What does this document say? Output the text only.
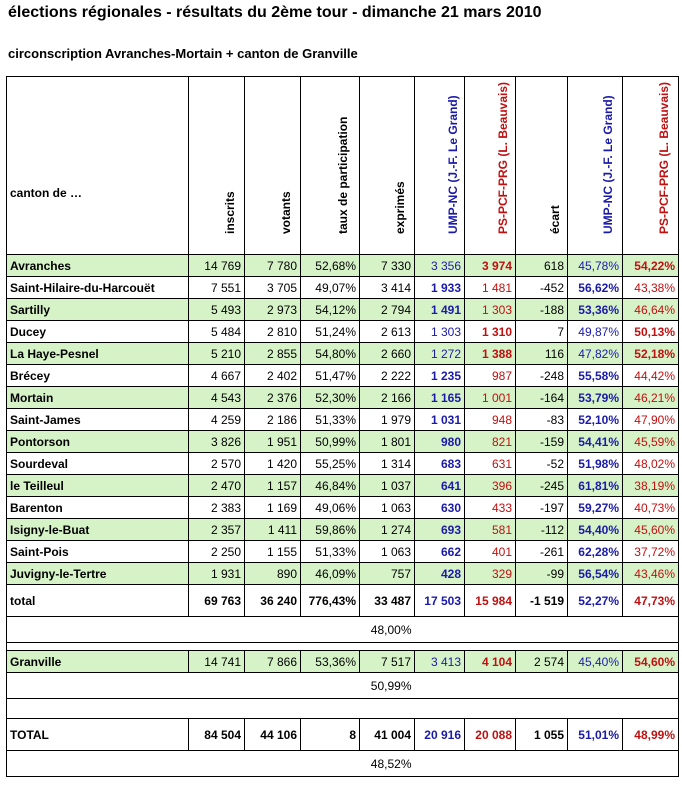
élections régionales - résultats du 2ème tour - dimanche 21 mars 2010
circonscription Avranches-Mortain + canton de Granville
canton de …	inscrits	votants	taux de participation	exprimés	UMP-NC (J.-F. Le Grand)	PS-PCF-PRG (L. Beauvais)	écart	UMP-NC (J.-F. Le Grand)	PS-PCF-PRG (L. Beauvais)

Avranches	14 769	7 780	52,68%	7 330	3 356	3 974	618	45,78%	54,22%
Saint-Hilaire-du-Harcouët	7 551	3 705	49,07%	3 414	1 933	1 481	-452	56,62%	43,38%
Sartilly	5 493	2 973	54,12%	2 794	1 491	1 303	-188	53,36%	46,64%
Ducey	5 484	2 810	51,24%	2 613	1 303	1 310	7	49,87%	50,13%
La Haye-Pesnel	5 210	2 855	54,80%	2 660	1 272	1 388	116	47,82%	52,18%
Brécey	4 667	2 402	51,47%	2 222	1 235	987	-248	55,58%	44,42%
Mortain	4 543	2 376	52,30%	2 166	1 165	1 001	-164	53,79%	46,21%
Saint-James	4 259	2 186	51,33%	1 979	1 031	948	-83	52,10%	47,90%
Pontorson	3 826	1 951	50,99%	1 801	980	821	-159	54,41%	45,59%
Sourdeval	2 570	1 420	55,25%	1 314	683	631	-52	51,98%	48,02%
le Teilleul	2 470	1 157	46,84%	1 037	641	396	-245	61,81%	38,19%
Barenton	2 383	1 169	49,06%	1 063	630	433	-197	59,27%	40,73%
Isigny-le-Buat	2 357	1 411	59,86%	1 274	693	581	-112	54,40%	45,60%
Saint-Pois	2 250	1 155	51,33%	1 063	662	401	-261	62,28%	37,72%
Juvigny-le-Tertre	1 931	890	46,09%	757	428	329	-99	56,54%	43,46%
total	69 763	36 240	776,43%	33 487	17 503	15 984	-1 519	52,27%	47,73%
				48,00%					

Granville	14 741	7 866	53,36%	7 517	3 413	4 104	2 574	45,40%	54,60%
				50,99%					

TOTAL	84 504	44 106	8	41 004	20 916	20 088	1 055	51,01%	48,99%
				48,52%					
